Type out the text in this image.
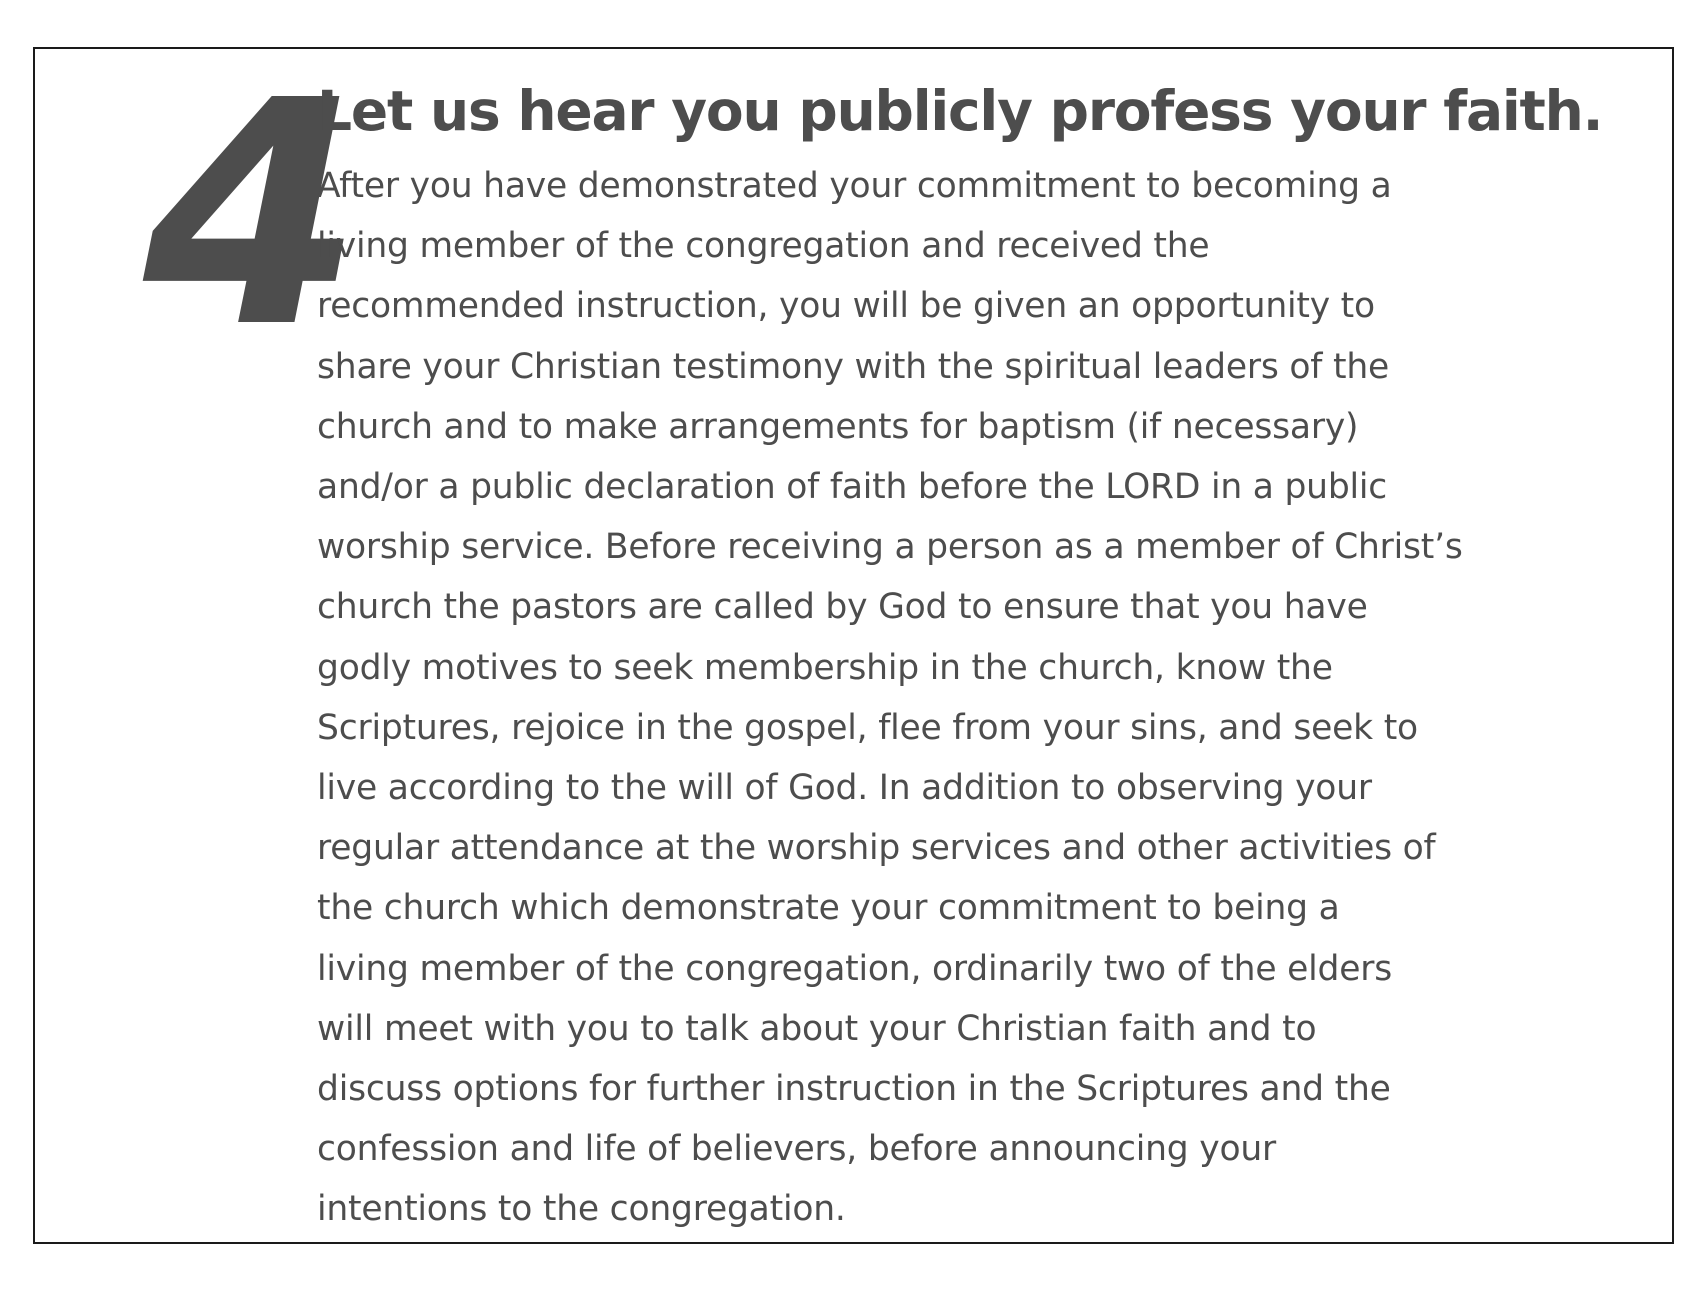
4
Let us hear you publicly profess your faith.

After you have demonstrated your commitment to becoming a
living member of the congregation and received the
recommended instruction, you will be given an opportunity to
share your Christian testimony with the spiritual leaders of the
church and to make arrangements for baptism (if necessary)
and/or a public declaration of faith before the LORD in a public
worship service. Before receiving a person as a member of Christ’s
church the pastors are called by God to ensure that you have
godly motives to seek membership in the church, know the
Scriptures, rejoice in the gospel, flee from your sins, and seek to
live according to the will of God. In addition to observing your
regular attendance at the worship services and other activities of
the church which demonstrate your commitment to being a
living member of the congregation, ordinarily two of the elders
will meet with you to talk about your Christian faith and to
discuss options for further instruction in the Scriptures and the
confession and life of believers, before announcing your
intentions to the congregation.
